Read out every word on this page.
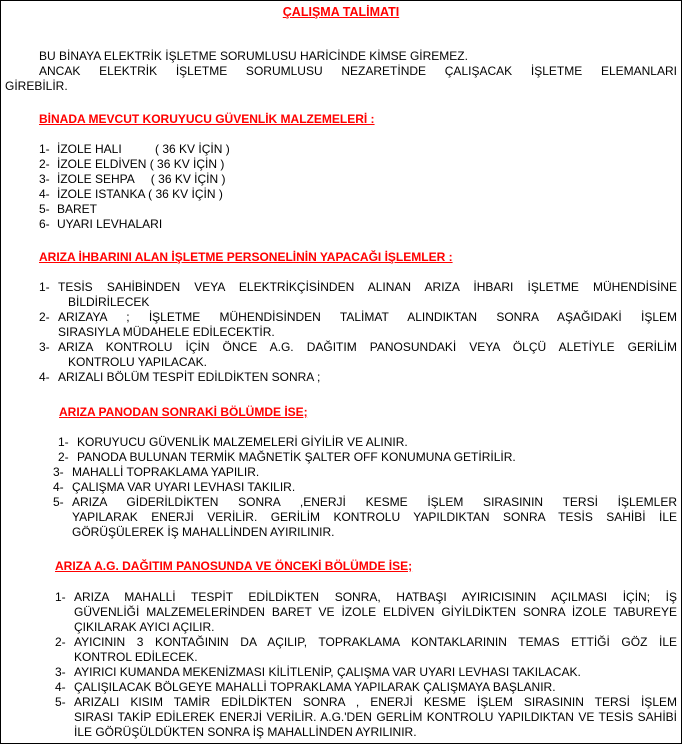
ÇALIŞMA TALİMATI

BU BİNAYA ELEKTRİK İŞLETME SORUMLUSU HARİCİNDE KİMSE GİREMEZ.

ANCAK ELEKTRİK İŞLETME SORUMLUSU NEZARETİNDE ÇALIŞACAK İŞLETME ELEMANLARI

GİREBİLİR.

BİNADA MEVCUT KORUYUCU GÜVENLİK MALZEMELERİ :
1- İZOLE HALI          ( 36 KV İÇİN )
2- İZOLE ELDİVEN ( 36 KV İÇİN )
3- İZOLE SEHPA     ( 36 KV İÇİN )
4- İZOLE ISTANKA ( 36 KV İÇİN )
5- BARET
6- UYARI LEVHALARI
ARIZA İHBARINI ALAN İŞLETME PERSONELİNİN YAPACAĞI İŞLEMLER :
1- TESİS SAHİBİNDEN VEYA ELEKTRİKÇİSİNDEN ALINAN ARIZA İHBARI İŞLETME MÜHENDİSİNE
BİLDİRİLECEK
2- ARIZAYA ; İŞLETME MÜHENDİSİNDEN TALİMAT ALINDIKTAN SONRA AŞAĞIDAKİ İŞLEM
SIRASIYLA MÜDAHELE EDİLECEKTİR.
3- ARIZA KONTROLU İÇİN ÖNCE A.G. DAĞITIM PANOSUNDAKİ VEYA ÖLÇÜ ALETİYLE GERİLİM
KONTROLU YAPILACAK.
4- ARIZALI BÖLÜM TESPİT EDİLDİKTEN SONRA ;
ARIZA PANODAN SONRAKİ BÖLÜMDE İSE;
1- KORUYUCU GÜVENLİK MALZEMELERİ GİYİLİR VE ALINIR.
2- PANODA BULUNAN TERMİK MAĞNETİK ŞALTER OFF KONUMUNA GETİRİLİR.
3- MAHALLİ TOPRAKLAMA YAPILIR.
4- ÇALIŞMA VAR UYARI LEVHASI TAKILIR.
5- ARIZA GİDERİLDİKTEN SONRA ,ENERJİ KESME İŞLEM SIRASININ TERSİ İŞLEMLER
YAPILARAK ENERJİ VERİLİR. GERİLİM KONTROLU YAPILDIKTAN SONRA TESİS SAHİBİ İLE GÖRÜŞÜLEREK İŞ MAHALLİNDEN AYIRILINIR.
ARIZA A.G. DAĞITIM PANOSUNDA VE ÖNCEKİ BÖLÜMDE İSE;
1- ARIZA MAHALLİ TESPİT EDİLDİKTEN SONRA, HATBAŞI AYIRICISININ AÇILMASI İÇİN; İŞ
GÜVENLİĞİ MALZEMELERİNDEN BARET VE İZOLE ELDİVEN GİYİLDİKTEN SONRA İZOLE TABUREYE ÇIKILARAK AYICI AÇILIR.
2- AYICININ 3 KONTAĞININ DA AÇILIP, TOPRAKLAMA KONTAKLARININ TEMAS ETTİĞİ GÖZ İLE
KONTROL EDİLECEK.
3- AYIRICI KUMANDA MEKENİZMASI KİLİTLENİP, ÇALIŞMA VAR UYARI LEVHASI TAKILACAK.
4- ÇALIŞILACAK BÖLGEYE MAHALLİ TOPRAKLAMA YAPILARAK ÇALIŞMAYA BAŞLANIR.
5- ARIZALI KISIM TAMİR EDİLDİKTEN SONRA , ENERJİ KESME İŞLEM SIRASININ TERSİ İŞLEM
SIRASI TAKİP EDİLEREK ENERJİ VERİLİR. A.G.'DEN GERLİM KONTROLU YAPILDIKTAN VE TESİS SAHİBİ İLE GÖRÜŞÜLDÜKTEN SONRA İŞ MAHALLİNDEN AYRILINIR.
